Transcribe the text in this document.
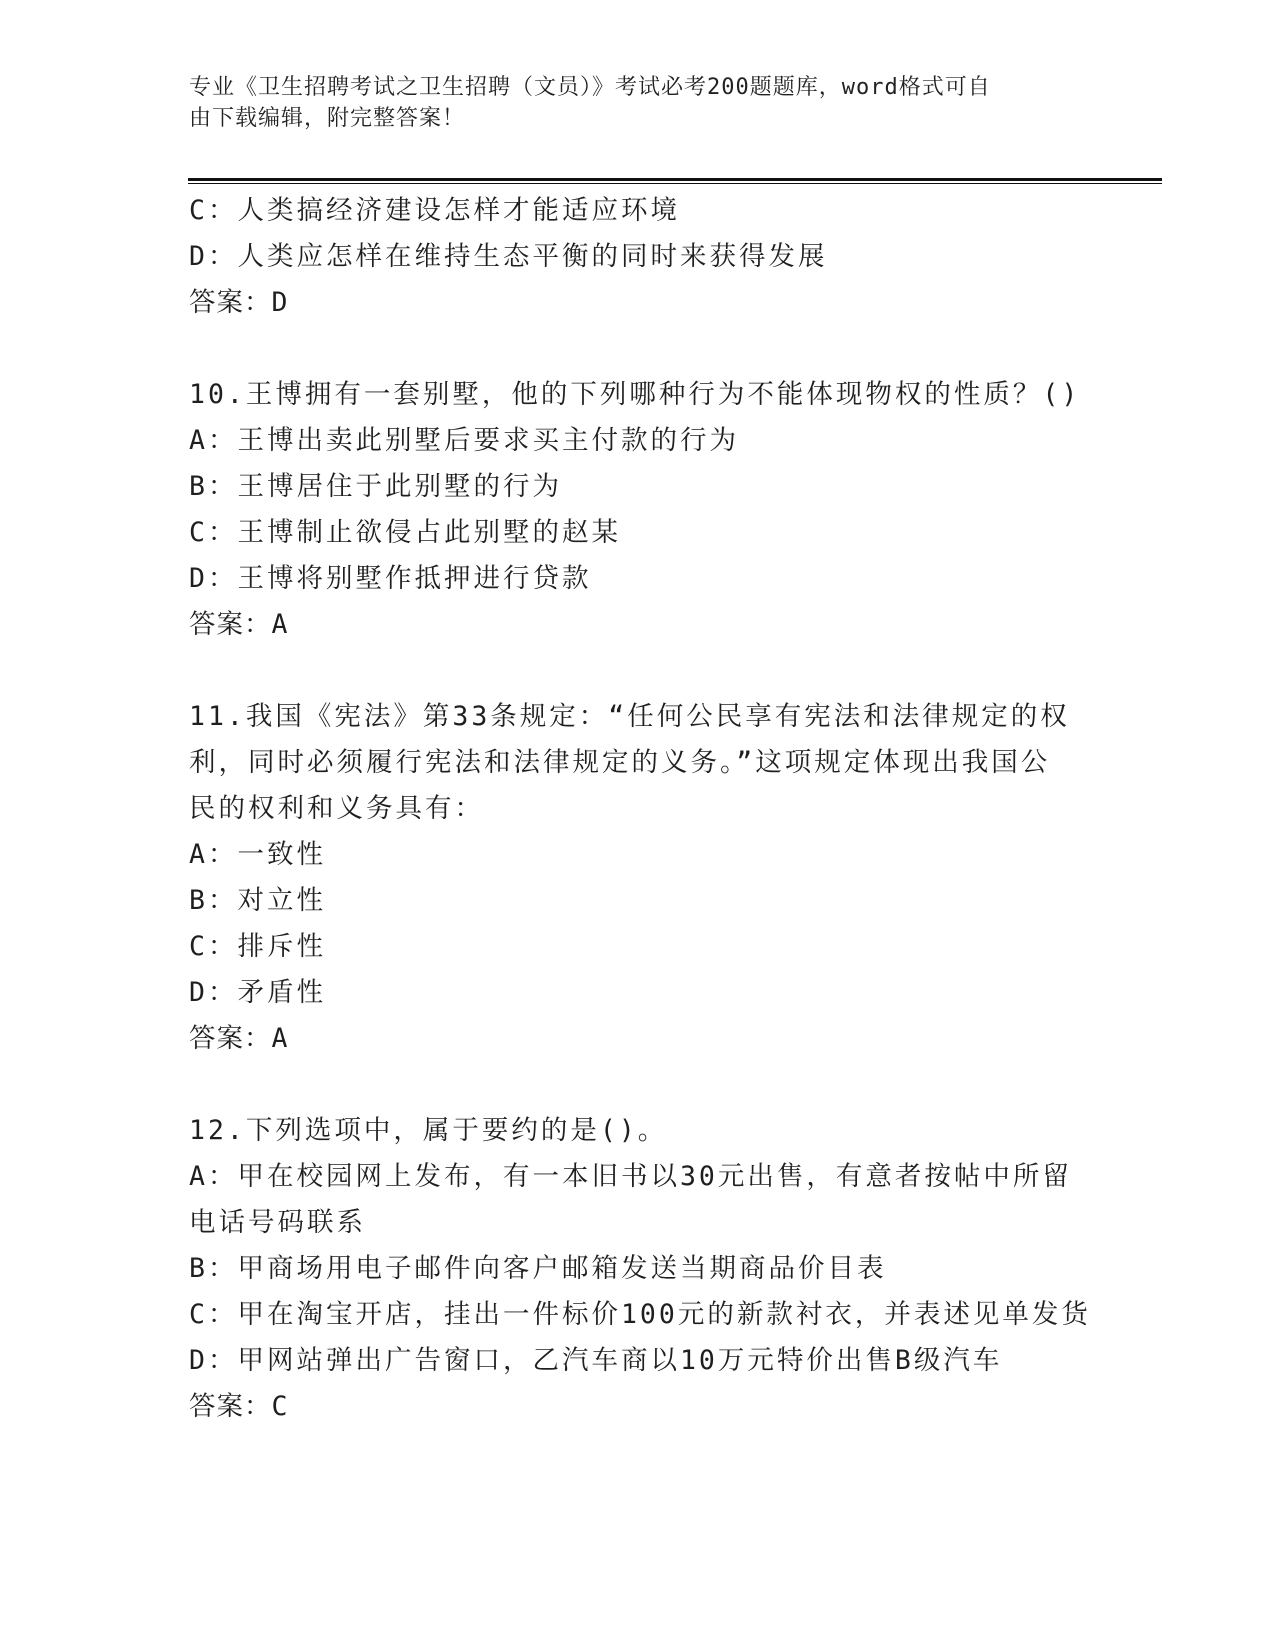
专业《卫生招聘考试之卫生招聘（文员）》考试必考200题题库，word格式可自
由下载编辑，附完整答案！
C：人类搞经济建设怎样才能适应环境
D：人类应怎样在维持生态平衡的同时来获得发展
答案：D
10.王博拥有一套别墅，他的下列哪种行为不能体现物权的性质？()
A：王博出卖此别墅后要求买主付款的行为
B：王博居住于此别墅的行为
C：王博制止欲侵占此别墅的赵某
D：王博将别墅作抵押进行贷款
答案：A
11.我国《宪法》第33条规定：“任何公民享有宪法和法律规定的权
利，同时必须履行宪法和法律规定的义务。”这项规定体现出我国公
民的权利和义务具有：
A：一致性
B：对立性
C：排斥性
D：矛盾性
答案：A
12.下列选项中，属于要约的是()。
A：甲在校园网上发布，有一本旧书以30元出售，有意者按帖中所留
电话号码联系
B：甲商场用电子邮件向客户邮箱发送当期商品价目表
C：甲在淘宝开店，挂出一件标价100元的新款衬衣，并表述见单发货
D：甲网站弹出广告窗口，乙汽车商以10万元特价出售B级汽车
答案：C
